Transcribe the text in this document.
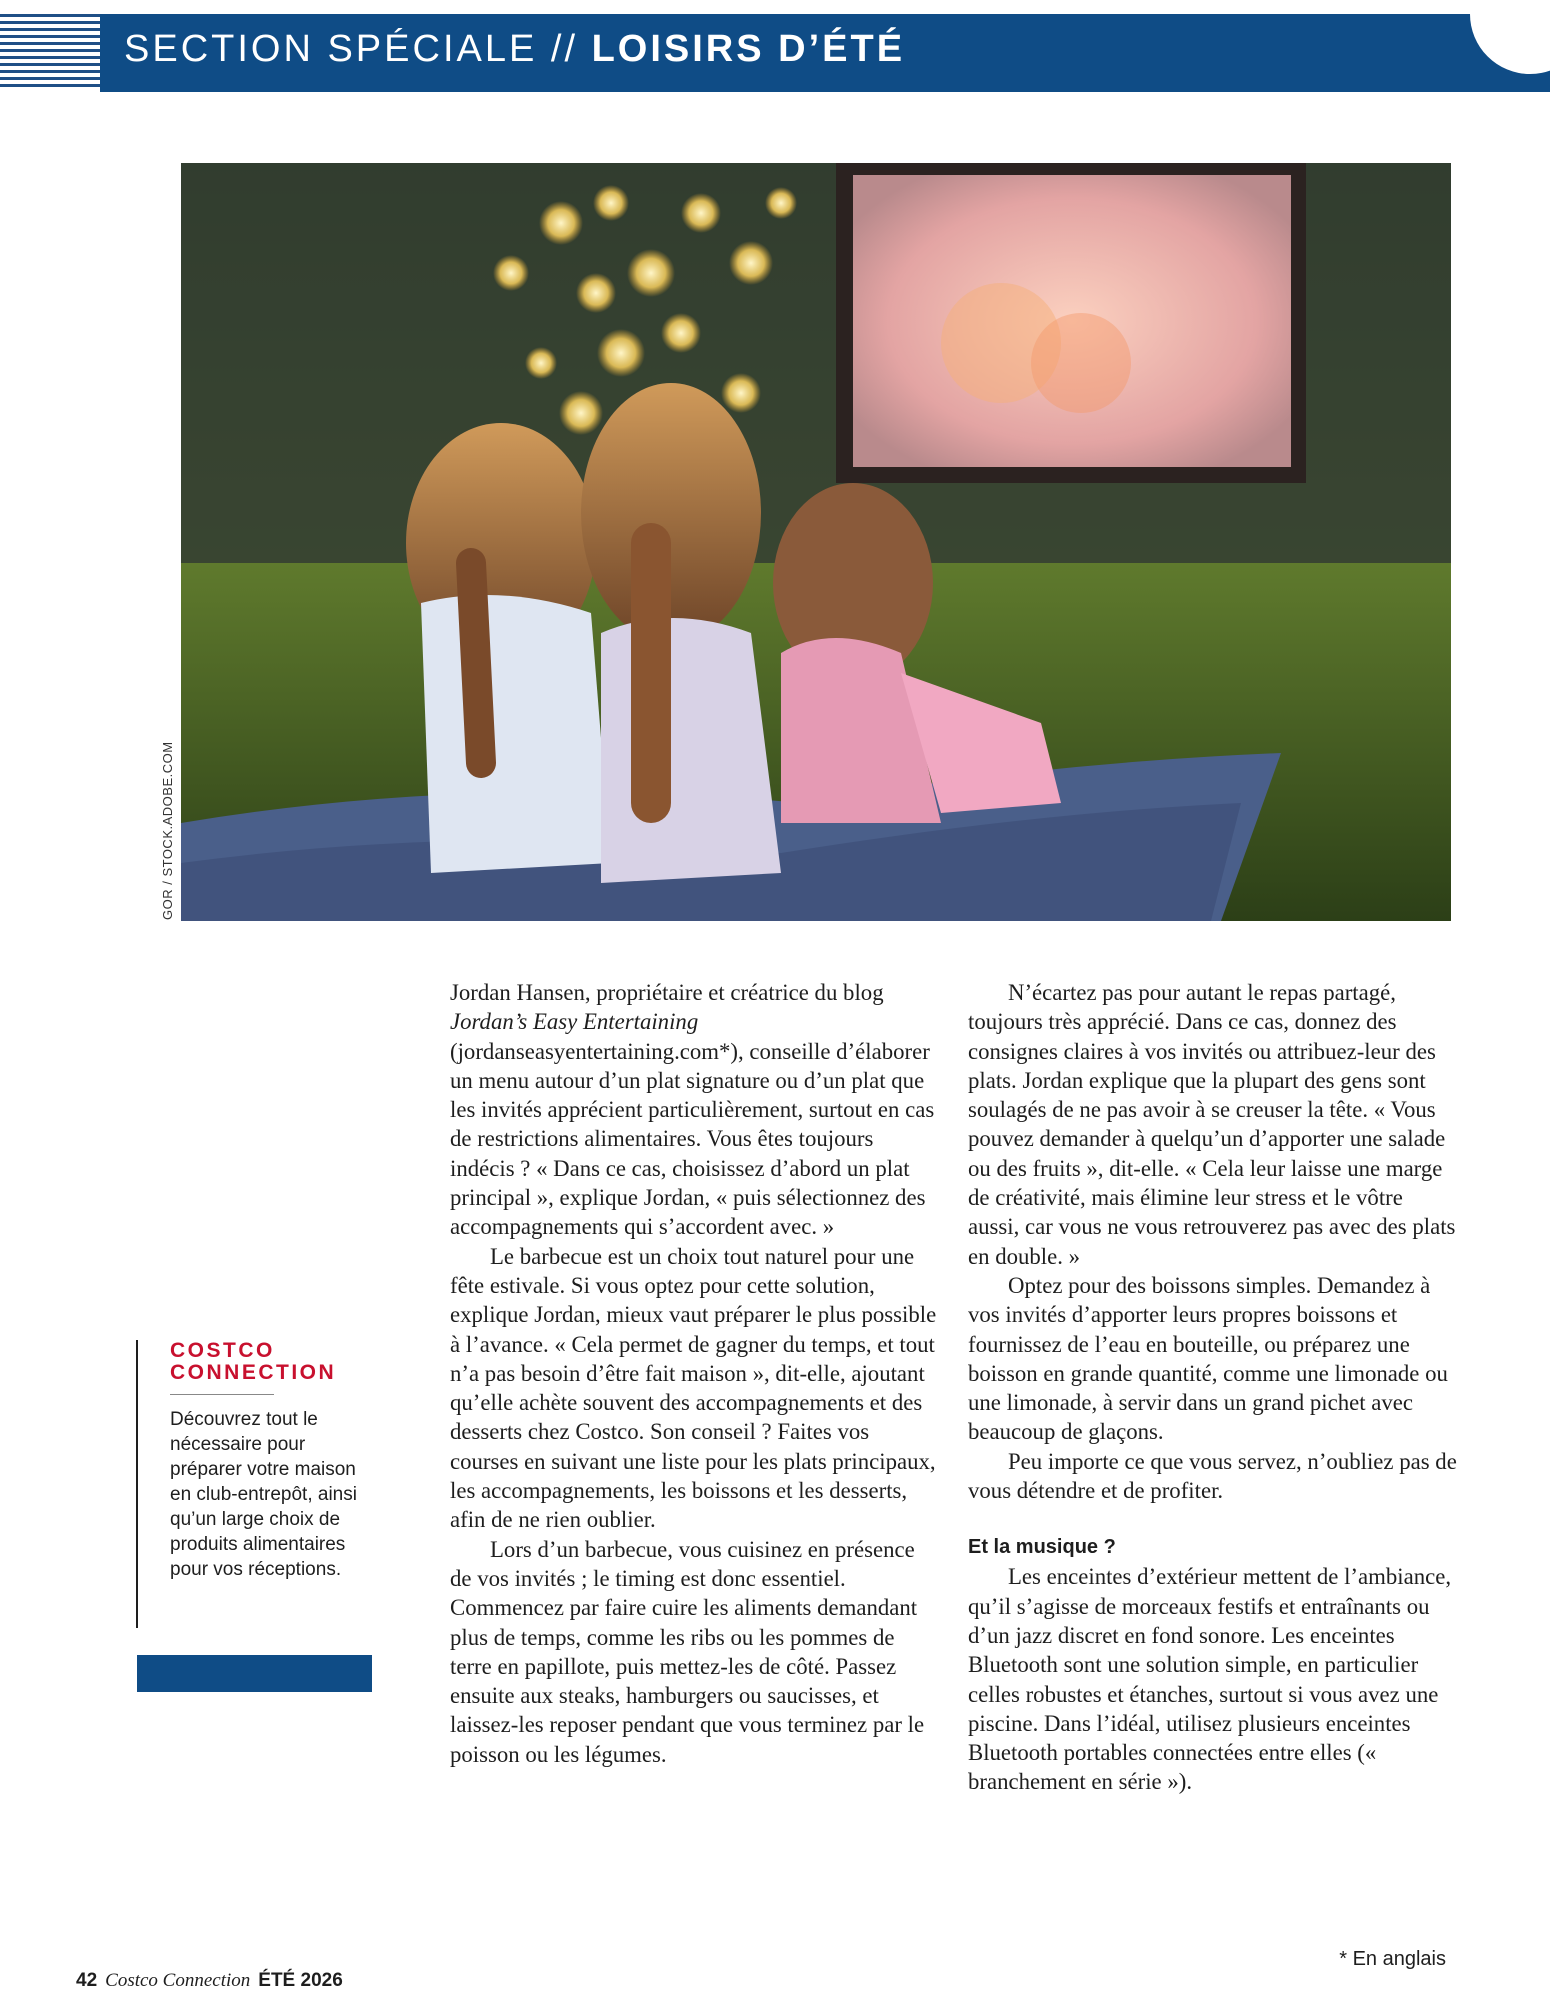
SECTION SPÉCIALE // LOISIRS D’ÉTÉ
GOR / STOCK.ADOBE.COM
COSTCO
CONNECTION
Découvrez tout le nécessaire pour préparer votre maison en club-entrepôt, ainsi qu’un large choix de produits alimentaires pour vos réceptions.

Jordan Hansen, propriétaire et créatrice du blog Jordan’s Easy Entertaining (jordanseasyentertaining.com*), conseille d’élaborer un menu autour d’un plat signature ou d’un plat que les invités apprécient particulièrement, surtout en cas de restrictions alimentaires. Vous êtes toujours indécis ? « Dans ce cas, choisissez d’abord un plat principal », explique Jordan, « puis sélectionnez des accompagnements qui s’accordent avec. »

Le barbecue est un choix tout naturel pour une fête estivale. Si vous optez pour cette solution, explique Jordan, mieux vaut préparer le plus possible à l’avance. « Cela permet de gagner du temps, et tout n’a pas besoin d’être fait maison », dit-elle, ajoutant qu’elle achète souvent des accompagnements et des desserts chez Costco. Son conseil ? Faites vos courses en suivant une liste pour les plats principaux, les accompagnements, les boissons et les desserts, afin de ne rien oublier.

Lors d’un barbecue, vous cuisinez en présence de vos invités ; le timing est donc essentiel. Commencez par faire cuire les aliments demandant plus de temps, comme les ribs ou les pommes de terre en papillote, puis mettez-les de côté. Passez ensuite aux steaks, hamburgers ou saucisses, et laissez-les reposer pendant que vous terminez par le poisson ou les légumes.

N’écartez pas pour autant le repas partagé, toujours très apprécié. Dans ce cas, donnez des consignes claires à vos invités ou attribuez-leur des plats. Jordan explique que la plupart des gens sont soulagés de ne pas avoir à se creuser la tête. « Vous pouvez demander à quelqu’un d’apporter une salade ou des fruits », dit-elle. « Cela leur laisse une marge de créativité, mais élimine leur stress et le vôtre aussi, car vous ne vous retrouverez pas avec des plats en double. »

Optez pour des boissons simples. Demandez à vos invités d’apporter leurs propres boissons et fournissez de l’eau en bouteille, ou préparez une boisson en grande quantité, comme une limonade ou une limonade, à servir dans un grand pichet avec beaucoup de glaçons.

Peu importe ce que vous servez, n’oubliez pas de vous détendre et de profiter.

Et la musique ?

Les enceintes d’extérieur mettent de l’ambiance, qu’il s’agisse de morceaux festifs et entraînants ou d’un jazz discret en fond sonore. Les enceintes Bluetooth sont une solution simple, en particulier celles robustes et étanches, surtout si vous avez une piscine. Dans l’idéal, utilisez plusieurs enceintes Bluetooth portables connectées entre elles (« branchement en série »).

* En anglais
42 Costco Connection ÉTÉ 2026
